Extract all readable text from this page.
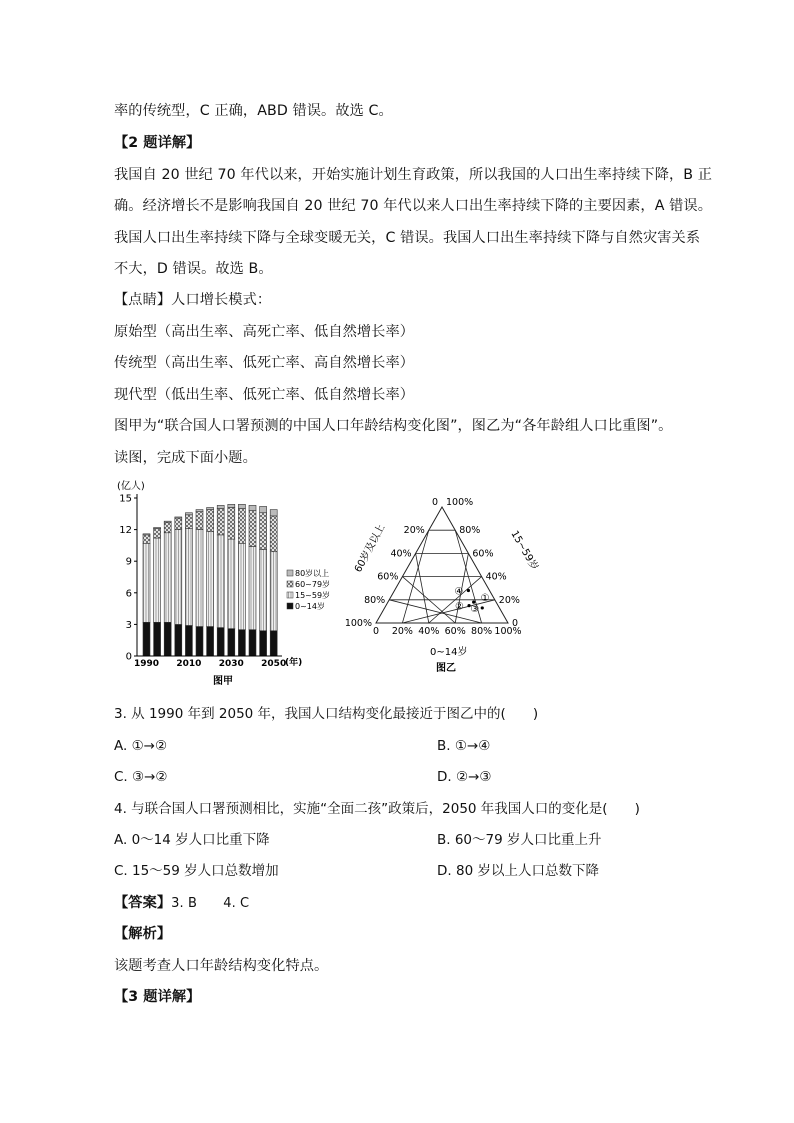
率的传统型，C 正确，ABD 错误。故选 C。
【2 题详解】
我国自 20 世纪 70 年代以来，开始实施计划生育政策，所以我国的人口出生率持续下降，B 正
确。经济增长不是影响我国自 20 世纪 70 年代以来人口出生率持续下降的主要因素，A 错误。
我国人口出生率持续下降与全球变暖无关，C 错误。我国人口出生率持续下降与自然灾害关系
不大，D 错误。故选 B。
【点睛】人口增长模式：
原始型（高出生率、高死亡率、低自然增长率）
传统型（高出生率、低死亡率、高自然增长率）
现代型（低出生率、低死亡率、低自然增长率）
图甲为“联合国人口署预测的中国人口年龄结构变化图”，图乙为“各年龄组人口比重图”。
读图，完成下面小题。
(亿人)
0
3
6
9
12
15
1990 2010 2030 2050
(年)
80岁以上
60~79岁
15~59岁
0~14岁
图甲
0 100%
20%
40%
60%
80%
100%
80%
60%
40%
20%
0
0 20% 40% 60% 80% 100%
①
② ③
④
60岁及以上	15~59岁
0~14岁
图乙
3. 从 1990 年到 2050 年，我国人口结构变化最接近于图乙中的(　　)
A. ①→②	B. ①→④
C. ③→②	D. ②→③
4. 与联合国人口署预测相比，实施“全面二孩”政策后，2050 年我国人口的变化是(　　)
A. 0～14 岁人口比重下降	B. 60～79 岁人口比重上升
C. 15～59 岁人口总数增加	D. 80 岁以上人口总数下降
【答案】3. B　　4. C
【解析】
该题考查人口年龄结构变化特点。
【3 题详解】
